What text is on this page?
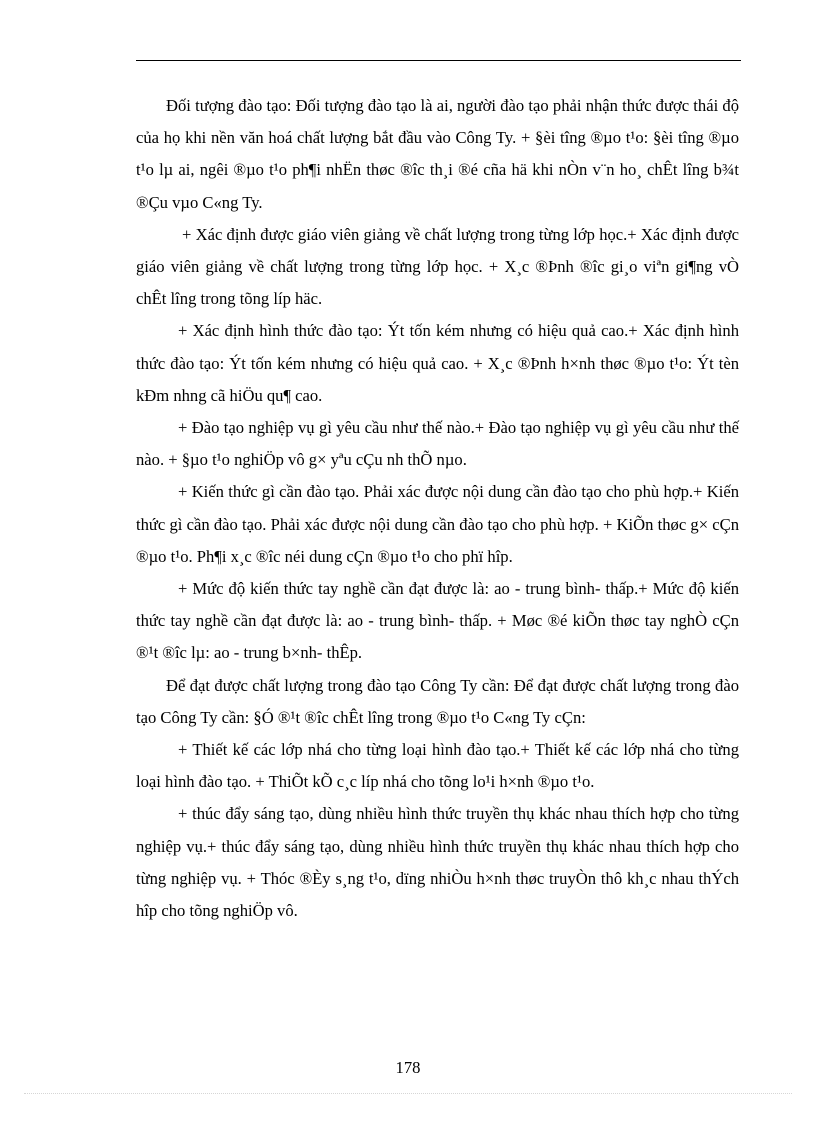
Đối tượng đào tạo: Đối tượng đào tạo là ai, người đào tạo phải nhận thức được thái độ của họ khi nền văn hoá chất lượng bắt đầu vào Công Ty. + §èi tîng ®µo t¹o: §èi tîng ®µo t¹o lµ ai, ngêi ®µo t¹o ph¶i nhËn thøc ®îc th¸i ®é cña hä khi nÒn v¨n ho¸ chÊt lîng b¾t ®Çu vµo C«ng Ty.

+ Xác định được giáo viên giảng về chất lượng trong từng lớp học.+ Xác định được giáo viên giảng về chất lượng trong từng lớp học. + X¸c ®Þnh ®îc gi¸o viªn gi¶ng vÒ chÊt lîng trong tõng líp häc.

+ Xác định hình thức đào tạo: Ýt tốn kém nhưng có hiệu quả cao.+ Xác định hình thức đào tạo: Ýt tốn kém nhưng có hiệu quả cao. + X¸c ®Þnh h×nh thøc ®µo t¹o: Ýt tèn kÐm nhng cã hiÖu qu¶ cao.

+ Đào tạo nghiệp vụ gì yêu cầu như thế nào.+ Đào tạo nghiệp vụ gì yêu cầu như thế nào. + §µo t¹o nghiÖp vô g× yªu cÇu nh thÕ nµo.

+ Kiến thức gì cần đào tạo. Phải xác được nội dung cần đào tạo cho phù hợp.+ Kiến thức gì cần đào tạo. Phải xác được nội dung cần đào tạo cho phù hợp. + KiÕn thøc g× cÇn ®µo t¹o. Ph¶i x¸c ®îc néi dung cÇn ®µo t¹o cho phï hîp.

+ Mức độ kiến thức tay nghề cần đạt được là: ao - trung bình- thấp.+ Mức độ kiến thức tay nghề cần đạt được là: ao - trung bình- thấp. + Møc ®é kiÕn thøc tay nghÒ cÇn ®¹t ®îc lµ: ao - trung b×nh- thÊp.

Để đạt được chất lượng trong đào tạo Công Ty cần: Để đạt được chất lượng trong đào tạo Công Ty cần: §Ó ®¹t ®îc chÊt lîng trong ®µo t¹o C«ng Ty cÇn:

+ Thiết kế các lớp nhá cho từng loại hình đào tạo.+ Thiết kế các lớp nhá cho từng loại hình đào tạo. + ThiÕt kÕ c¸c líp nhá cho tõng lo¹i h×nh ®µo t¹o.

+ thúc đẩy sáng tạo, dùng nhiều hình thức truyền thụ khác nhau thích hợp cho từng nghiệp vụ.+ thúc đẩy sáng tạo, dùng nhiều hình thức truyền thụ khác nhau thích hợp cho từng nghiệp vụ. + Thóc ®Èy s¸ng t¹o, dïng nhiÒu h×nh thøc truyÒn thô kh¸c nhau thÝch hîp cho tõng nghiÖp vô.

178
